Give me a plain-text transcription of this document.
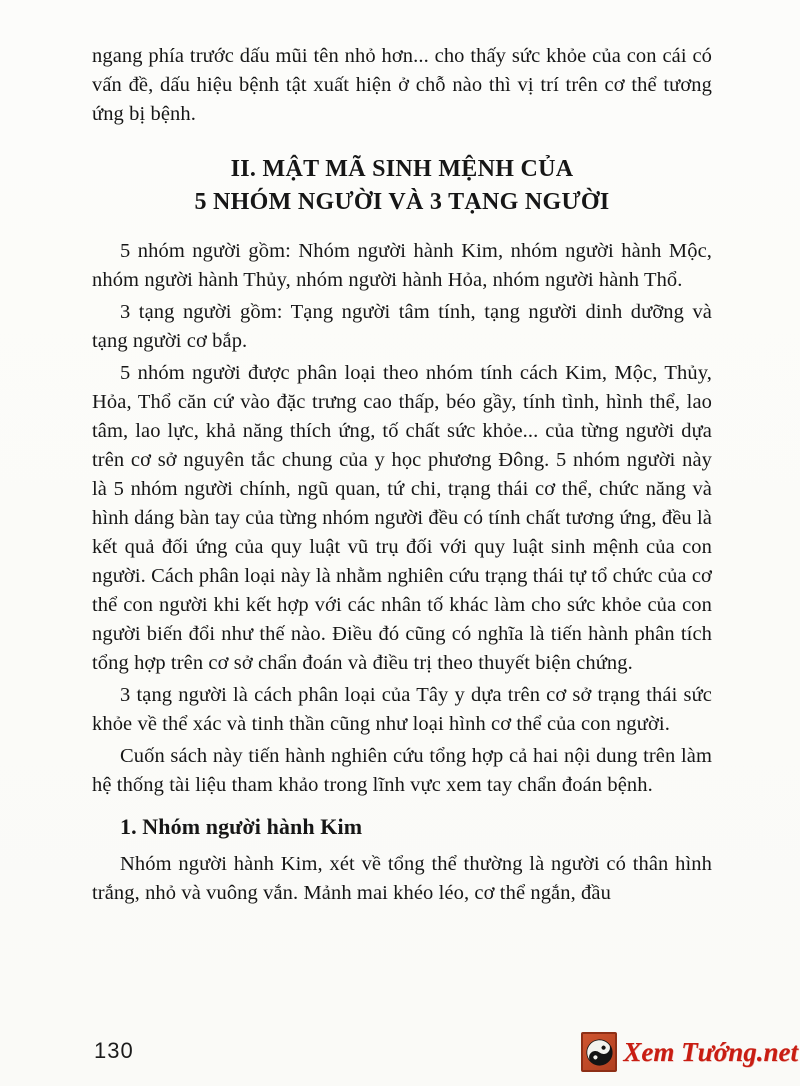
ngang phía trước dấu mũi tên nhỏ hơn... cho thấy sức khỏe của con cái có vấn đề, dấu hiệu bệnh tật xuất hiện ở chỗ nào thì vị trí trên cơ thể tương ứng bị bệnh.

II. MẬT MÃ SINH MỆNH CỦA
5 NHÓM NGƯỜI VÀ 3 TẠNG NGƯỜI

5 nhóm người gồm: Nhóm người hành Kim, nhóm người hành Mộc, nhóm người hành Thủy, nhóm người hành Hỏa, nhóm người hành Thổ.

3 tạng người gồm: Tạng người tâm tính, tạng người dinh dưỡng và tạng người cơ bắp.

5 nhóm người được phân loại theo nhóm tính cách Kim, Mộc, Thủy, Hỏa, Thổ căn cứ vào đặc trưng cao thấp, béo gầy, tính tình, hình thể, lao tâm, lao lực, khả năng thích ứng, tố chất sức khỏe... của từng người dựa trên cơ sở nguyên tắc chung của y học phương Đông. 5 nhóm người này là 5 nhóm người chính, ngũ quan, tứ chi, trạng thái cơ thể, chức năng và hình dáng bàn tay của từng nhóm người đều có tính chất tương ứng, đều là kết quả đối ứng của quy luật vũ trụ đối với quy luật sinh mệnh của con người. Cách phân loại này là nhằm nghiên cứu trạng thái tự tổ chức của cơ thể con người khi kết hợp với các nhân tố khác làm cho sức khỏe của con người biến đổi như thế nào. Điều đó cũng có nghĩa là tiến hành phân tích tổng hợp trên cơ sở chẩn đoán và điều trị theo thuyết biện chứng.

3 tạng người là cách phân loại của Tây y dựa trên cơ sở trạng thái sức khỏe về thể xác và tinh thần cũng như loại hình cơ thể của con người.

Cuốn sách này tiến hành nghiên cứu tổng hợp cả hai nội dung trên làm hệ thống tài liệu tham khảo trong lĩnh vực xem tay chẩn đoán bệnh.

1. Nhóm người hành Kim

Nhóm người hành Kim, xét về tổng thể thường là người có thân hình trắng, nhỏ và vuông vắn. Mảnh mai khéo léo, cơ thể ngắn, đầu

130	Xem Tướng.net
